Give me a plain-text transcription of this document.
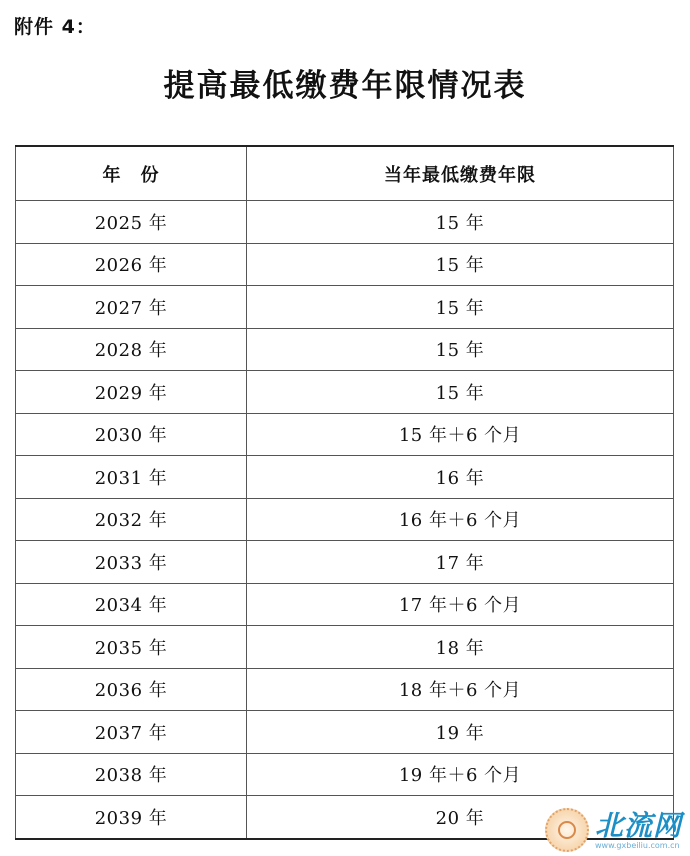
附件 4：
提高最低缴费年限情况表
年　份	当年最低缴费年限
2025 年	15 年
2026 年	15 年
2027 年	15 年
2028 年	15 年
2029 年	15 年
2030 年	15 年＋6 个月
2031 年	16 年
2032 年	16 年＋6 个月
2033 年	17 年
2034 年	17 年＋6 个月
2035 年	18 年
2036 年	18 年＋6 个月
2037 年	19 年
2038 年	19 年＋6 个月
2039 年	20 年	北流网
www.gxbeiliu.com.cn
